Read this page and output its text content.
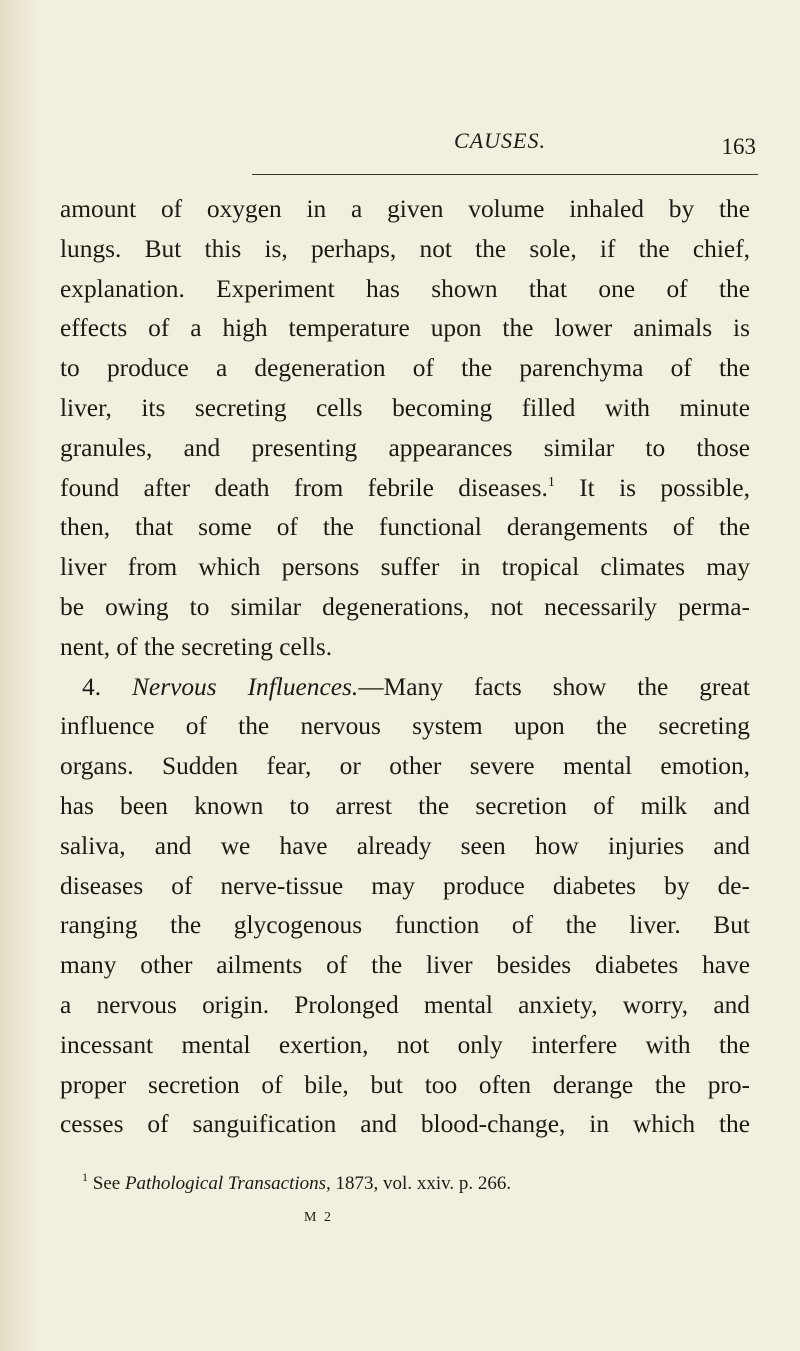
CAUSES.	163
amount of oxygen in a given volume inhaled by the
lungs. But this is, perhaps, not the sole, if the chief,
explanation. Experiment has shown that one of the
effects of a high temperature upon the lower animals is
to produce a degeneration of the parenchyma of the
liver, its secreting cells becoming filled with minute
granules, and presenting appearances similar to those
found after death from febrile diseases.$^1$ It is possible,
then, that some of the functional derangements of the
liver from which persons suffer in tropical climates may
be owing to similar degenerations, not necessarily perma-
nent, of the secreting cells.
4. Nervous Influences.—Many facts show the great
influence of the nervous system upon the secreting
organs. Sudden fear, or other severe mental emotion,
has been known to arrest the secretion of milk and
saliva, and we have already seen how injuries and
diseases of nerve-tissue may produce diabetes by de-
ranging the glycogenous function of the liver. But
many other ailments of the liver besides diabetes have
a nervous origin. Prolonged mental anxiety, worry, and
incessant mental exertion, not only interfere with the
proper secretion of bile, but too often derange the pro-
cesses of sanguification and blood-change, in which the
$^1$ See Pathological Transactions, 1873, vol. xxiv. p. 266.
M 2
